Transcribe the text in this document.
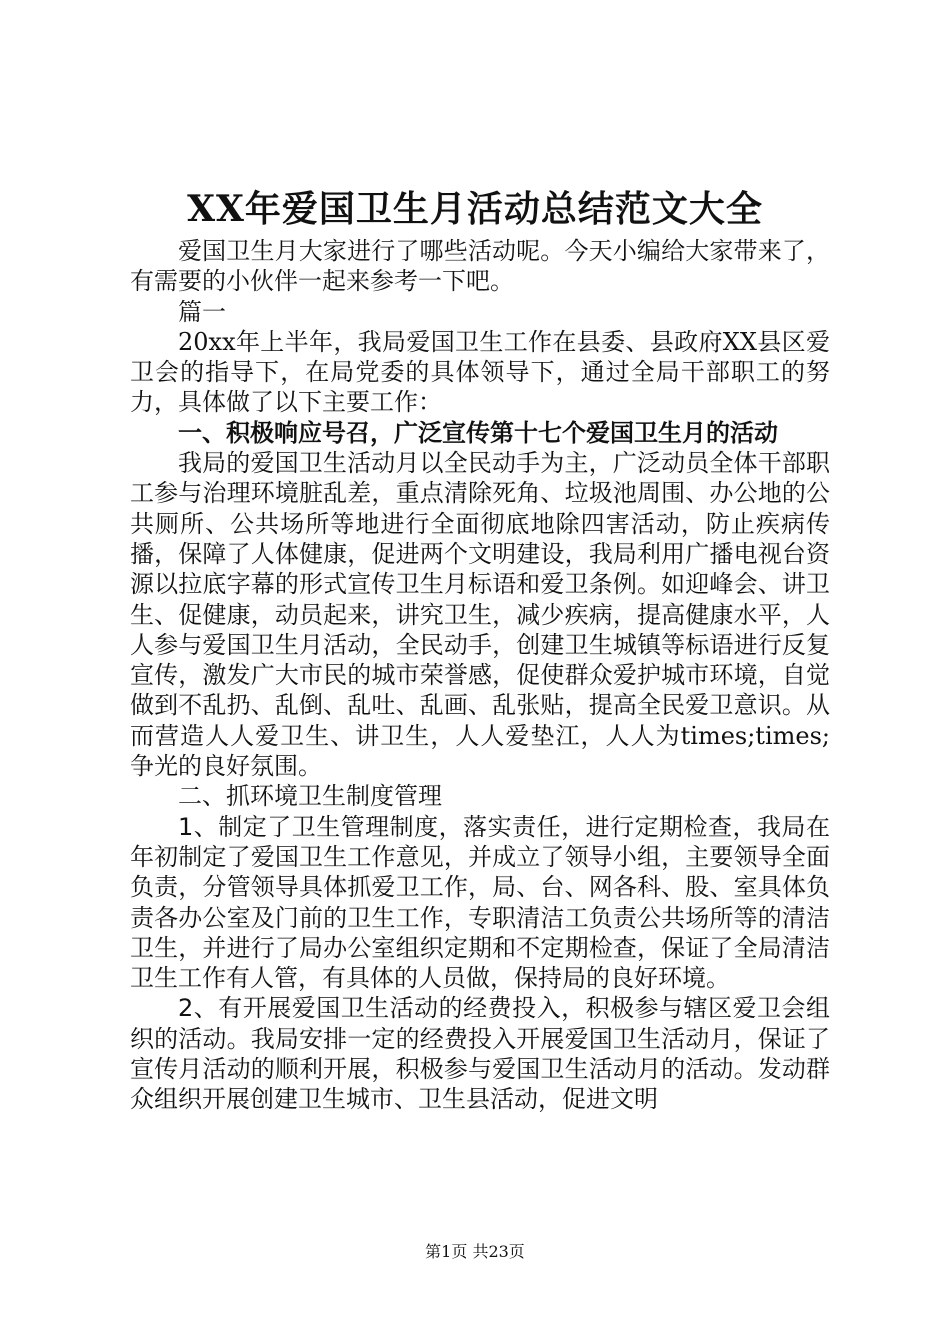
XX年爱国卫生月活动总结范文大全

爱国卫生月大家进行了哪些活动呢。今天小编给大家带来了，有需要的小伙伴一起来参考一下吧。

篇一

20xx年上半年，我局爱国卫生工作在县委、县政府XX县区爱卫会的指导下，在局党委的具体领导下，通过全局干部职工的努力，具体做了以下主要工作：

一、积极响应号召，广泛宣传第十七个爱国卫生月的活动

我局的爱国卫生活动月以全民动手为主，广泛动员全体干部职工参与治理环境脏乱差，重点清除死角、垃圾池周围、办公地的公共厕所、公共场所等地进行全面彻底地除四害活动，防止疾病传播，保障了人体健康，促进两个文明建设，我局利用广播电视台资源以拉底字幕的形式宣传卫生月标语和爱卫条例。如迎峰会、讲卫生、促健康，动员起来，讲究卫生，减少疾病，提高健康水平，人人参与爱国卫生月活动，全民动手，创建卫生城镇等标语进行反复宣传，激发广大市民的城市荣誉感，促使群众爱护城市环境，自觉做到不乱扔、乱倒、乱吐、乱画、乱张贴，提高全民爱卫意识。从而营造人人爱卫生、讲卫生，人人爱垫江，人人为times;times;争光的良好氛围。

二、抓环境卫生制度管理

1、制定了卫生管理制度，落实责任，进行定期检查，我局在年初制定了爱国卫生工作意见，并成立了领导小组，主要领导全面负责，分管领导具体抓爱卫工作，局、台、网各科、股、室具体负责各办公室及门前的卫生工作，专职清洁工负责公共场所等的清洁卫生，并进行了局办公室组织定期和不定期检查，保证了全局清洁卫生工作有人管，有具体的人员做，保持局的良好环境。

2、有开展爱国卫生活动的经费投入，积极参与辖区爱卫会组织的活动。我局安排一定的经费投入开展爱国卫生活动月，保证了宣传月活动的顺利开展，积极参与爱国卫生活动月的活动。发动群众组织开展创建卫生城市、卫生县活动，促进文明

第1页 共23页
